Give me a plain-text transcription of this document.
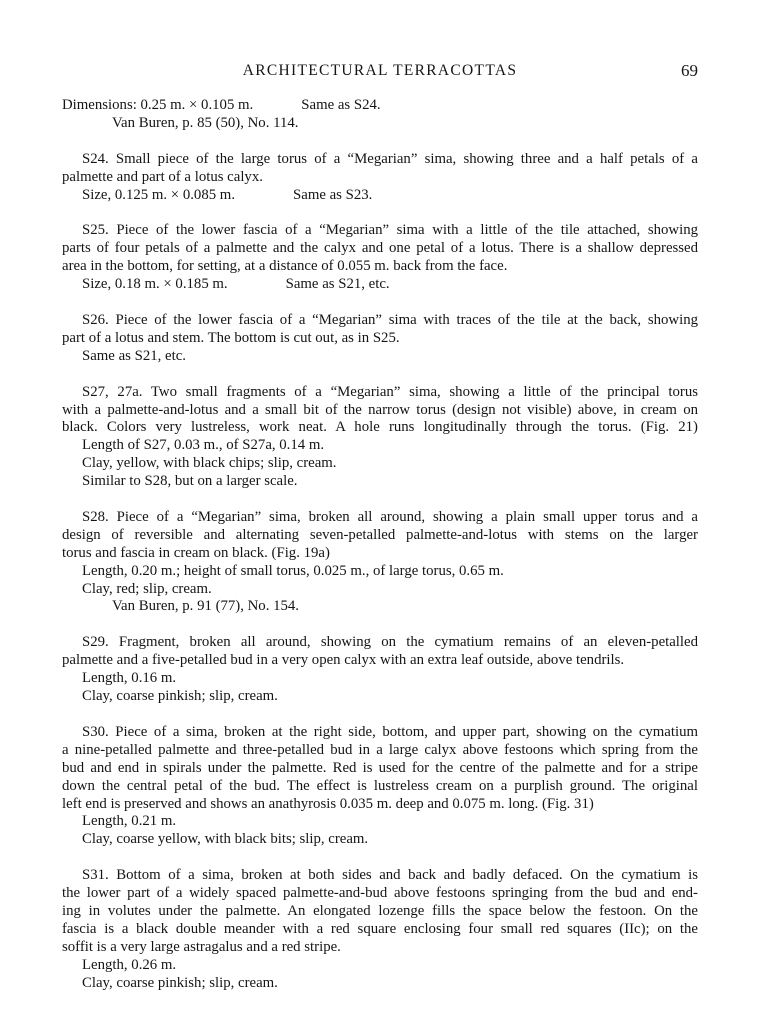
ARCHITECTURAL TERRACOTTAS	69
Dimensions: 0.25 m. × 0.105 m.	Same as S24.
Van Buren, p. 85 (50), No. 114.
S24. Small piece of the large torus of a “Megarian” sima, showing three and a half petals of a
palmette and part of a lotus calyx.
Size, 0.125 m. × 0.085 m.	Same as S23.
S25. Piece of the lower fascia of a “Megarian” sima with a little of the tile attached, showing
parts of four petals of a palmette and the calyx and one petal of a lotus. There is a shallow depressed
area in the bottom, for setting, at a distance of 0.055 m. back from the face.
Size, 0.18 m. × 0.185 m.	Same as S21, etc.
S26. Piece of the lower fascia of a “Megarian” sima with traces of the tile at the back, showing
part of a lotus and stem. The bottom is cut out, as in S25.
Same as S21, etc.
S27, 27a. Two small fragments of a “Megarian” sima, showing a little of the principal torus
with a palmette-and-lotus and a small bit of the narrow torus (design not visible) above, in cream on
black. Colors very lustreless, work neat. A hole runs longitudinally through the torus. (Fig. 21)
Length of S27, 0.03 m., of S27a, 0.14 m.
Clay, yellow, with black chips; slip, cream.
Similar to S28, but on a larger scale.
S28. Piece of a “Megarian” sima, broken all around, showing a plain small upper torus and a
design of reversible and alternating seven-petalled palmette-and-lotus with stems on the larger
torus and fascia in cream on black. (Fig. 19a)
Length, 0.20 m.; height of small torus, 0.025 m., of large torus, 0.65 m.
Clay, red; slip, cream.
Van Buren, p. 91 (77), No. 154.
S29. Fragment, broken all around, showing on the cymatium remains of an eleven-petalled
palmette and a five-petalled bud in a very open calyx with an extra leaf outside, above tendrils.
Length, 0.16 m.
Clay, coarse pinkish; slip, cream.
S30. Piece of a sima, broken at the right side, bottom, and upper part, showing on the cymatium
a nine-petalled palmette and three-petalled bud in a large calyx above festoons which spring from the
bud and end in spirals under the palmette. Red is used for the centre of the palmette and for a stripe
down the central petal of the bud. The effect is lustreless cream on a purplish ground. The original
left end is preserved and shows an anathyrosis 0.035 m. deep and 0.075 m. long. (Fig. 31)
Length, 0.21 m.
Clay, coarse yellow, with black bits; slip, cream.
S31. Bottom of a sima, broken at both sides and back and badly defaced. On the cymatium is
the lower part of a widely spaced palmette-and-bud above festoons springing from the bud and end-
ing in volutes under the palmette. An elongated lozenge fills the space below the festoon. On the
fascia is a black double meander with a red square enclosing four small red squares (IIc); on the
soffit is a very large astragalus and a red stripe.
Length, 0.26 m.
Clay, coarse pinkish; slip, cream.
